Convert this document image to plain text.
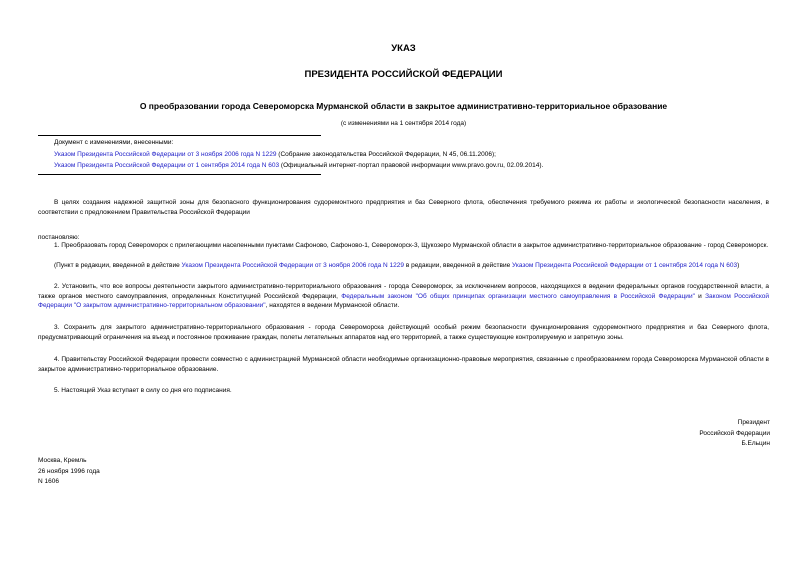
УКАЗ
ПРЕЗИДЕНТА РОССИЙСКОЙ ФЕДЕРАЦИИ
О преобразовании города Североморска Мурманской области в закрытое административно-территориальное образование
(с изменениями на 1 сентября 2014 года)
Документ с изменениями, внесенными:
Указом Президента Российской Федерации от 3 ноября 2006 года N 1229 (Собрание законодательства Российской Федерации, N 45, 06.11.2006);
Указом Президента Российской Федерации от 1 сентября 2014 года N 603 (Официальный интернет-портал правовой информации www.pravo.gov.ru, 02.09.2014).
В целях создания надежной защитной зоны для безопасного функционирования судоремонтного предприятия и баз Северного флота, обеспечения требуемого режима их работы и экологической безопасности населения, в соответствии с предложением Правительства Российской Федерации
постановляю:
1. Преобразовать город Североморск с прилегающими населенными пунктами Сафоново, Сафоново-1, Североморск-3, Щукозеро Мурманской области в закрытое административно-территориальное образование - город Североморск.
(Пункт в редакции, введенной в действие Указом Президента Российской Федерации от 3 ноября 2006 года N 1229 в редакции, введенной в действие Указом Президента Российской Федерации от 1 сентября 2014 года N 603)
2. Установить, что все вопросы деятельности закрытого административно-территориального образования - города Североморск, за исключением вопросов, находящихся в ведении федеральных органов государственной власти, а также органов местного самоуправления, определенных Конституцией Российской Федерации, Федеральным законом "Об общих принципах организации местного самоуправления в Российской Федерации" и Законом Российской Федерации "О закрытом административно-территориальном образовании", находятся в ведении Мурманской области.
3. Сохранить для закрытого административно-территориального образования - города Североморска действующий особый режим безопасности функционирования судоремонтного предприятия и баз Северного флота, предусматривающий ограничения на въезд и постоянное проживание граждан, полеты летательных аппаратов над его территорией, а также существующие контролируемую и запретную зоны.
4. Правительству Российской Федерации провести совместно с администрацией Мурманской области необходимые организационно-правовые мероприятия, связанные с преобразованием города Североморска Мурманской области в закрытое административно-территориальное образование.
5. Настоящий Указ вступает в силу со дня его подписания.
Президент
Российской Федерации
Б.Ельцин
Москва, Кремль
26 ноября 1996 года
N 1606
